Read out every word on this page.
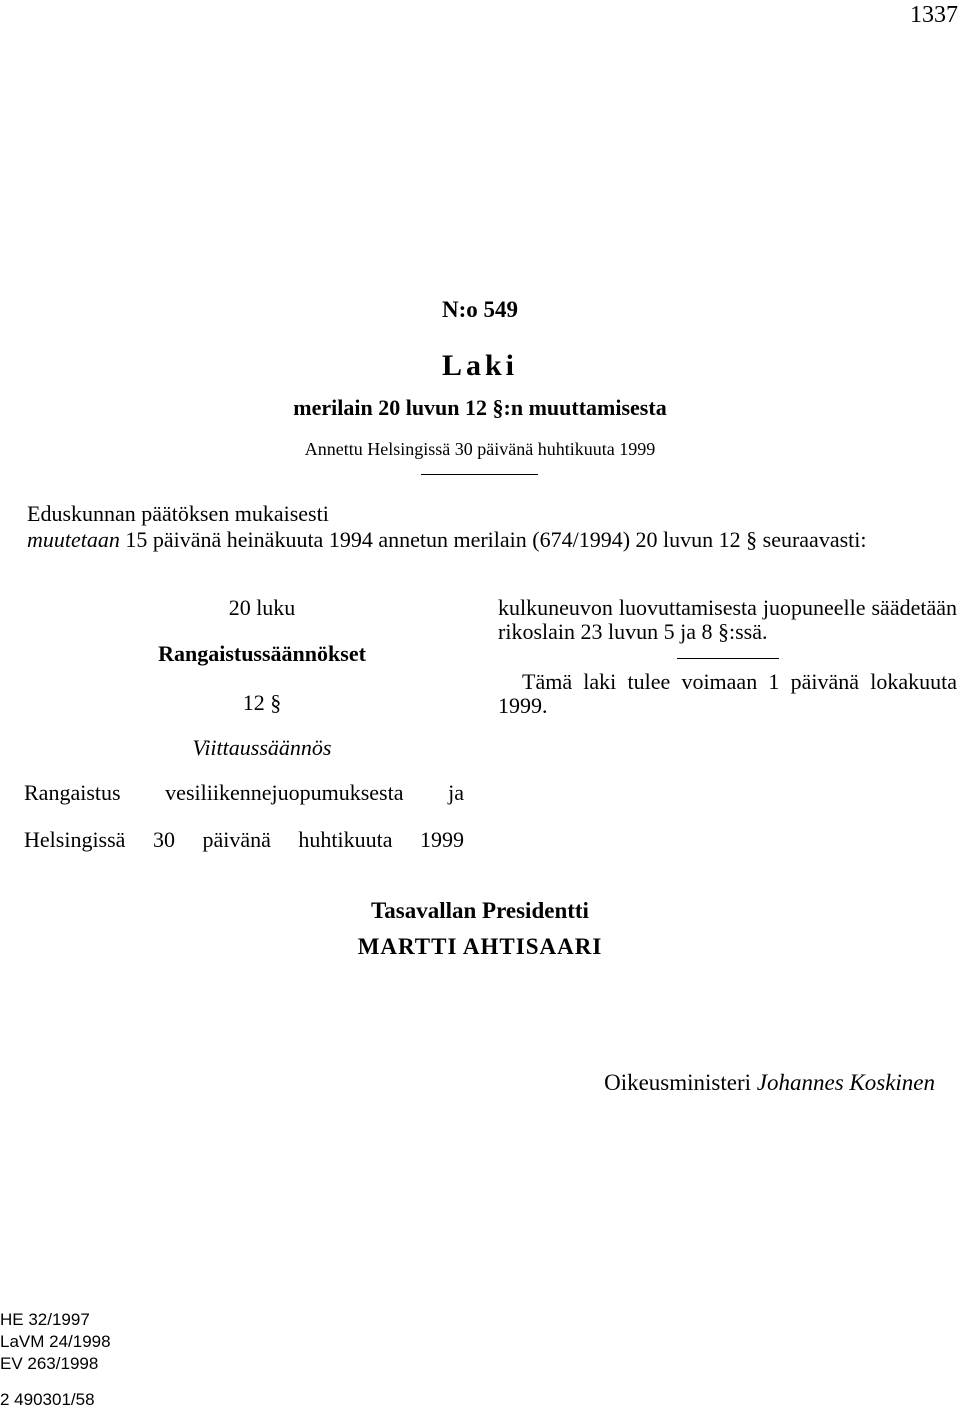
1337
N:o 549
Laki
merilain 20 luvun 12 §:n muuttamisesta
Annettu Helsingissä 30 päivänä huhtikuuta 1999

Eduskunnan päätöksen mukaisesti

muutetaan 15 päivänä heinäkuuta 1994 annetun merilain (674/1994) 20 luvun 12 § seuraavasti:

20 luku
Rangaistussäännökset
12 §
Viittaussäännös
Rangaistus vesiliikennejuopumuksesta ja
Helsingissä 30 päivänä huhtikuuta 1999

kulkuneuvon luovuttamisesta juopuneelle säädetään rikoslain 23 luvun 5 ja 8 §:ssä.

Tämä laki tulee voimaan 1 päivänä lokakuuta 1999.

Tasavallan Presidentti
MARTTI AHTISAARI
Oikeusministeri Johannes Koskinen
HE 32/1997
LaVM 24/1998
EV 263/1998
2 490301/58
